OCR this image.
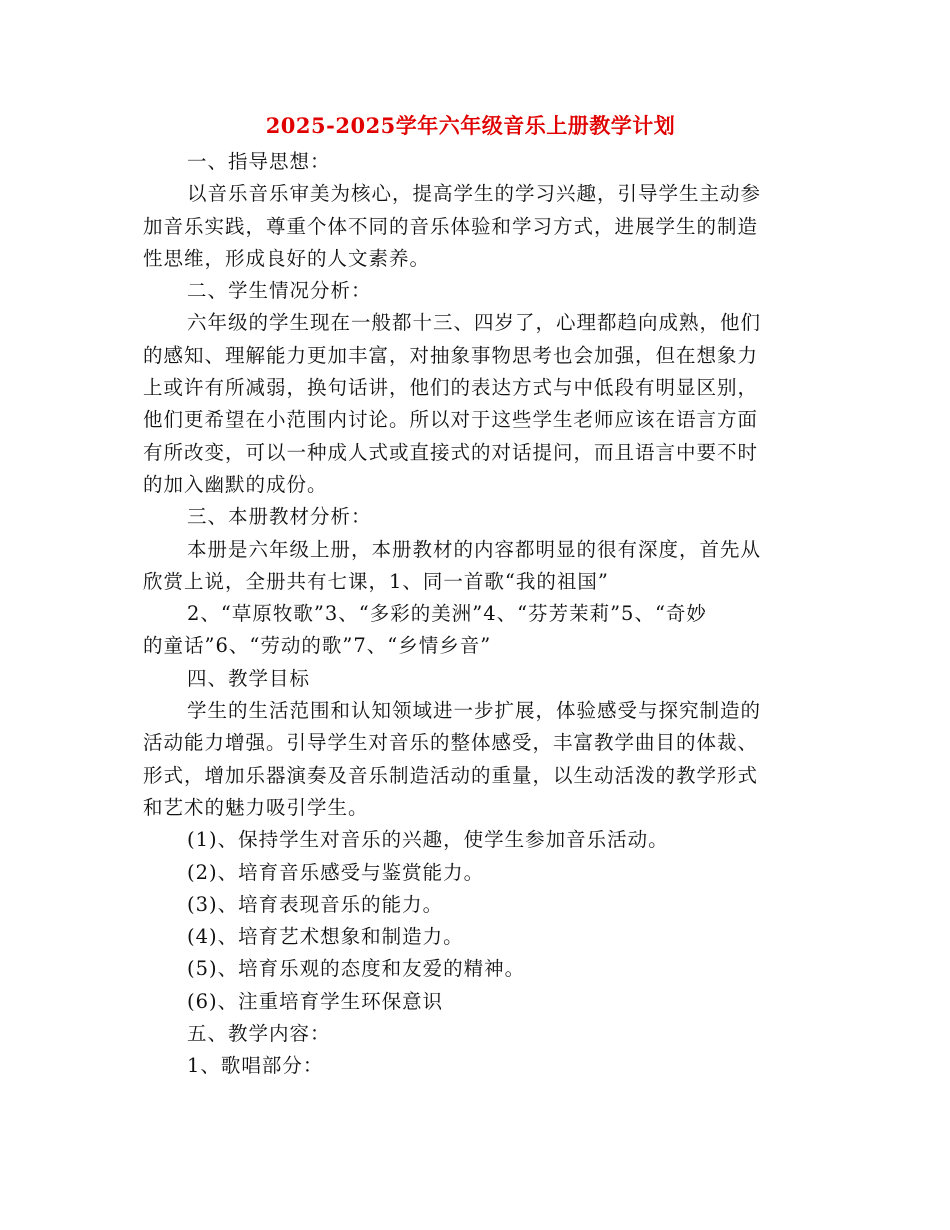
2025-2025学年六年级音乐上册教学计划

一、指导思想：

以音乐音乐审美为核心，提高学生的学习兴趣，引导学生主动参

加音乐实践，尊重个体不同的音乐体验和学习方式，进展学生的制造

性思维，形成良好的人文素养。

二、学生情况分析：

六年级的学生现在一般都十三、四岁了，心理都趋向成熟，他们

的感知、理解能力更加丰富，对抽象事物思考也会加强，但在想象力

上或许有所减弱，换句话讲，他们的表达方式与中低段有明显区别，

他们更希望在小范围内讨论。所以对于这些学生老师应该在语言方面

有所改变，可以一种成人式或直接式的对话提问，而且语言中要不时

的加入幽默的成份。

三、本册教材分析：

本册是六年级上册，本册教材的内容都明显的很有深度，首先从

欣赏上说，全册共有七课，1、同一首歌“我的祖国”

2、“草原牧歌”3、“多彩的美洲”4、“芬芳茉莉”5、“奇妙

的童话”6、“劳动的歌”7、“乡情乡音”

四、教学目标

学生的生活范围和认知领域进一步扩展，体验感受与探究制造的

活动能力增强。引导学生对音乐的整体感受，丰富教学曲目的体裁、

形式，增加乐器演奏及音乐制造活动的重量，以生动活泼的教学形式

和艺术的魅力吸引学生。

(1)、保持学生对音乐的兴趣，使学生参加音乐活动。

(2)、培育音乐感受与鉴赏能力。

(3)、培育表现音乐的能力。

(4)、培育艺术想象和制造力。

(5)、培育乐观的态度和友爱的精神。

(6)、注重培育学生环保意识

五、教学内容：

1、歌唱部分：
